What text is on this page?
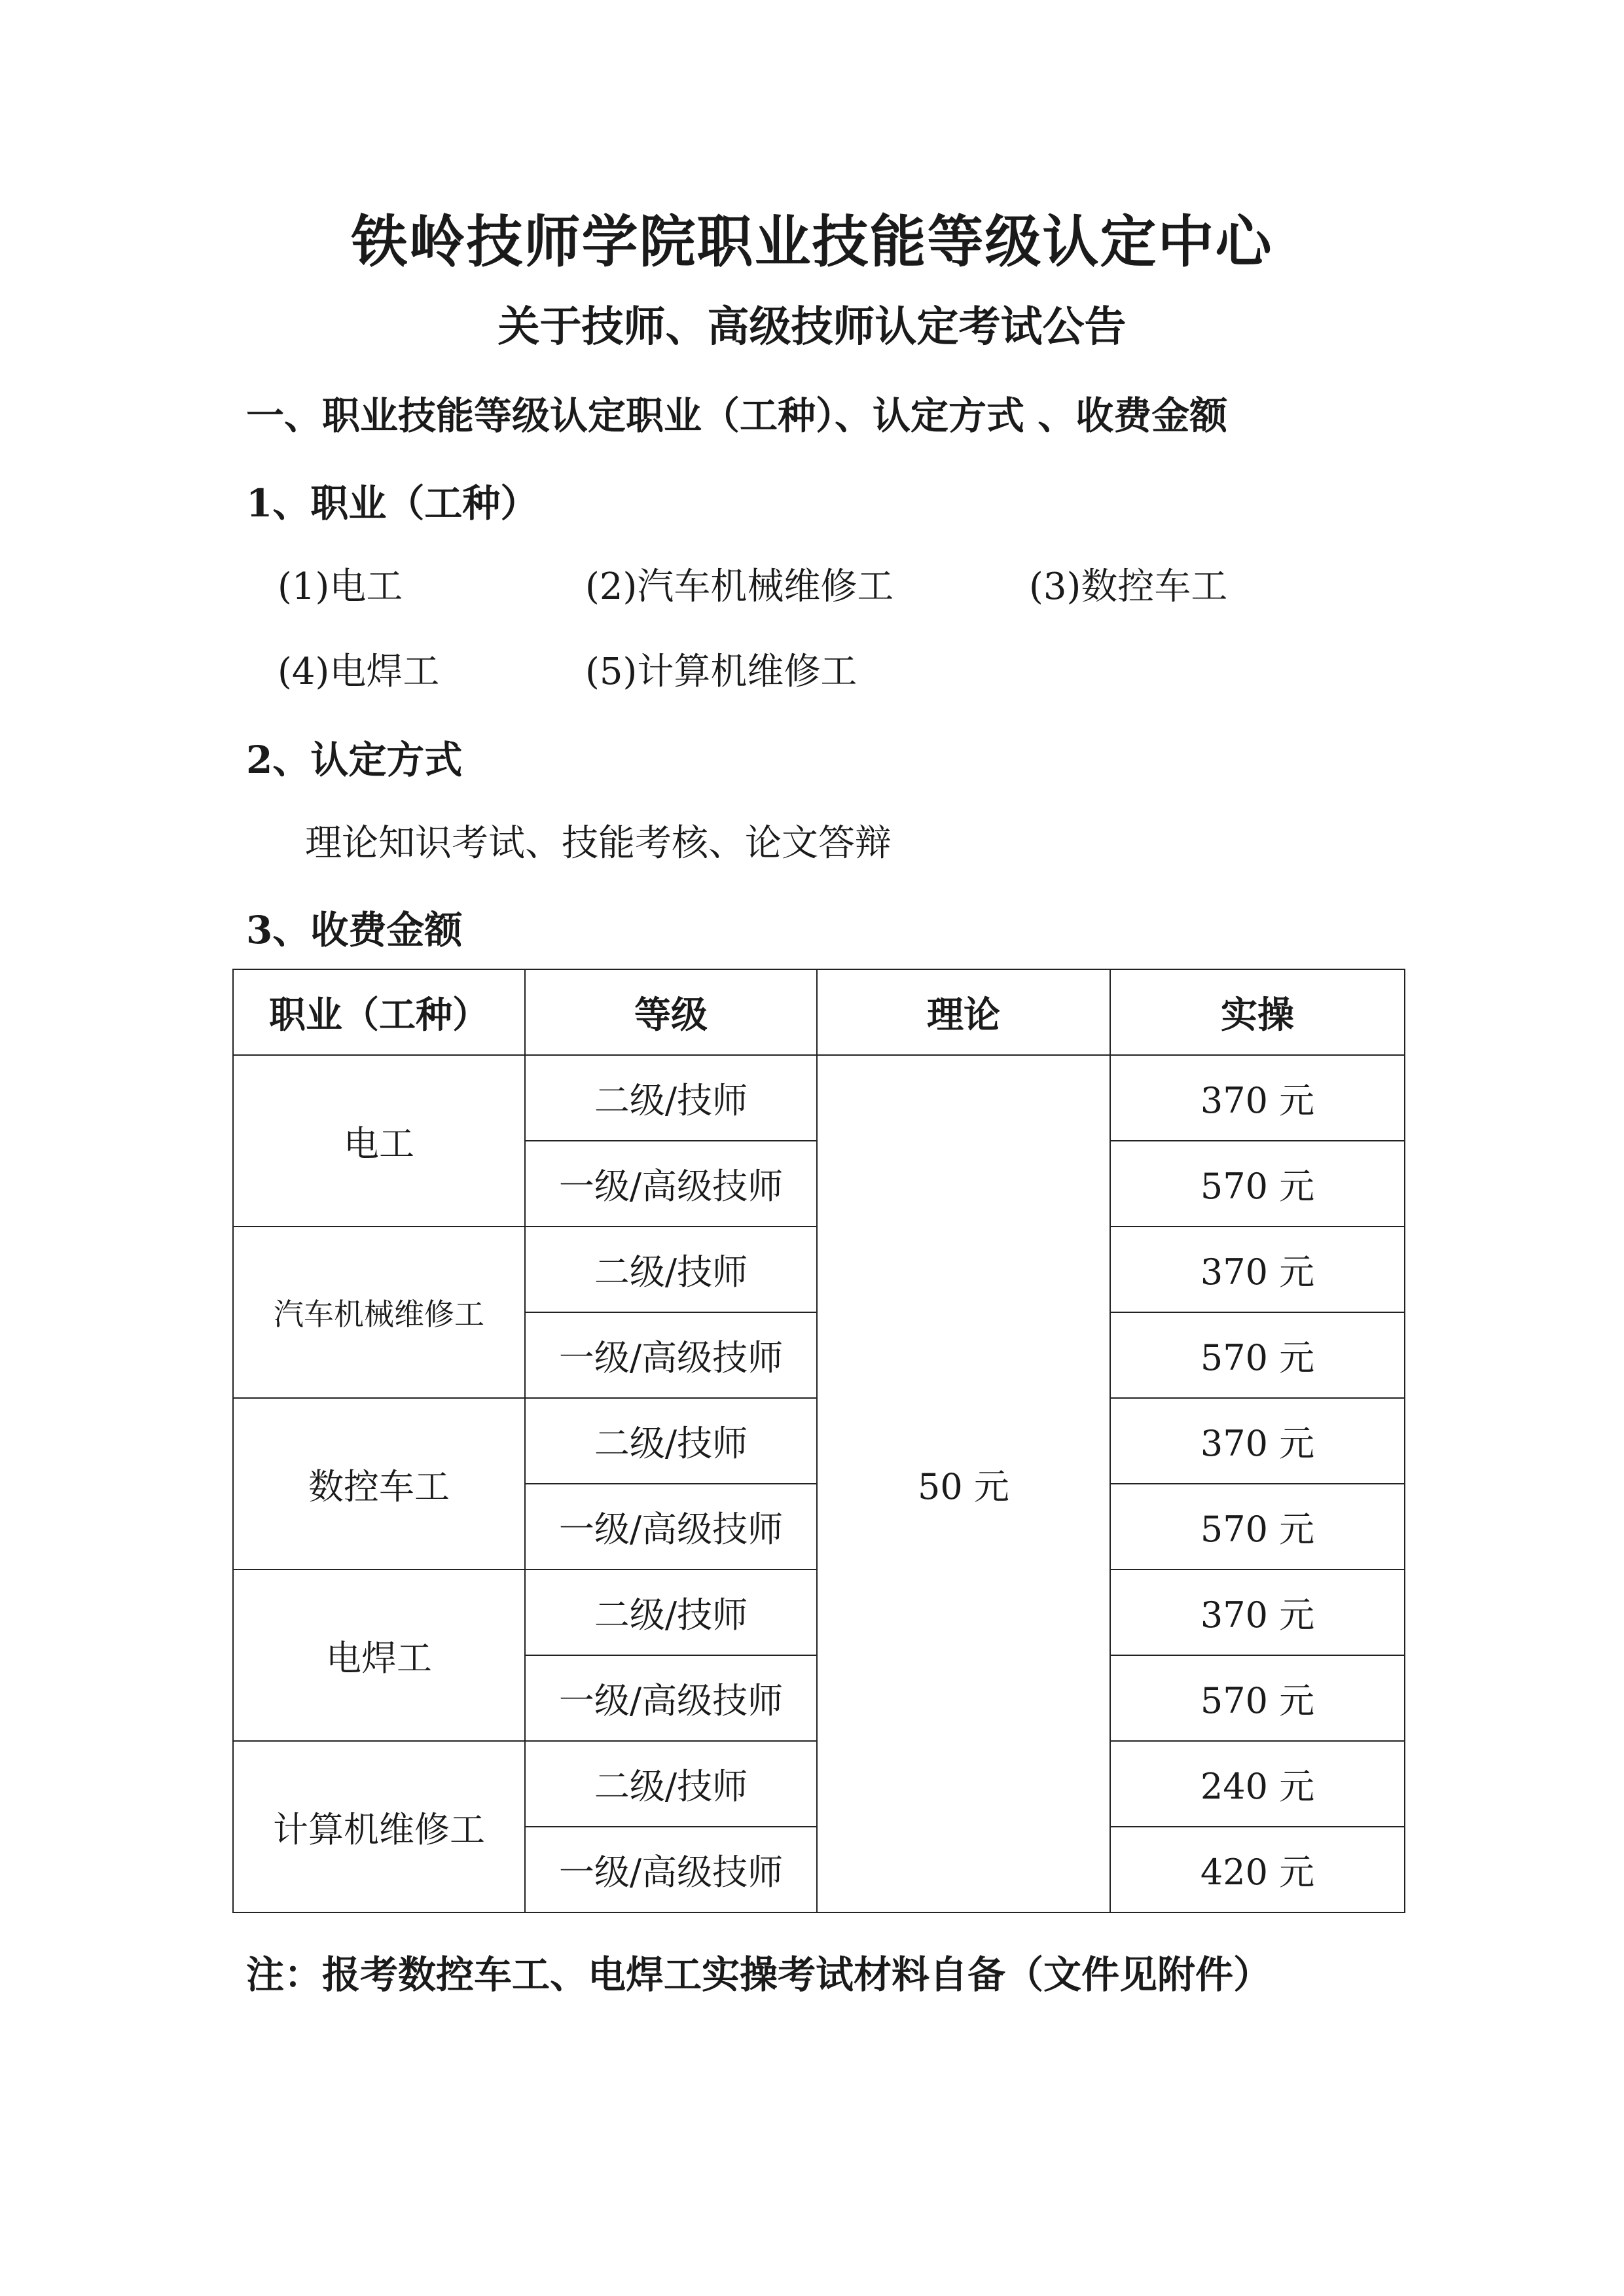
铁岭技师学院职业技能等级认定中心
关于技师、高级技师认定考试公告
一、职业技能等级认定职业（工种）、认定方式 、收费金额
1、职业（工种）
(1)电工	(2)汽车机械维修工	(3)数控车工
(4)电焊工	(5)计算机维修工
2、认定方式
理论知识考试、技能考核、论文答辩
3、收费金额
职业（工种）	等级	理论	实操
电工	二级/技师	50 元	370 元
	一级/高级技师		570 元
汽车机械维修工	二级/技师		370 元
	一级/高级技师		570 元
数控车工	二级/技师		370 元
	一级/高级技师		570 元
电焊工	二级/技师		370 元
	一级/高级技师		570 元
计算机维修工	二级/技师		240 元
	一级/高级技师		420 元
注：报考数控车工、电焊工实操考试材料自备（文件见附件）
